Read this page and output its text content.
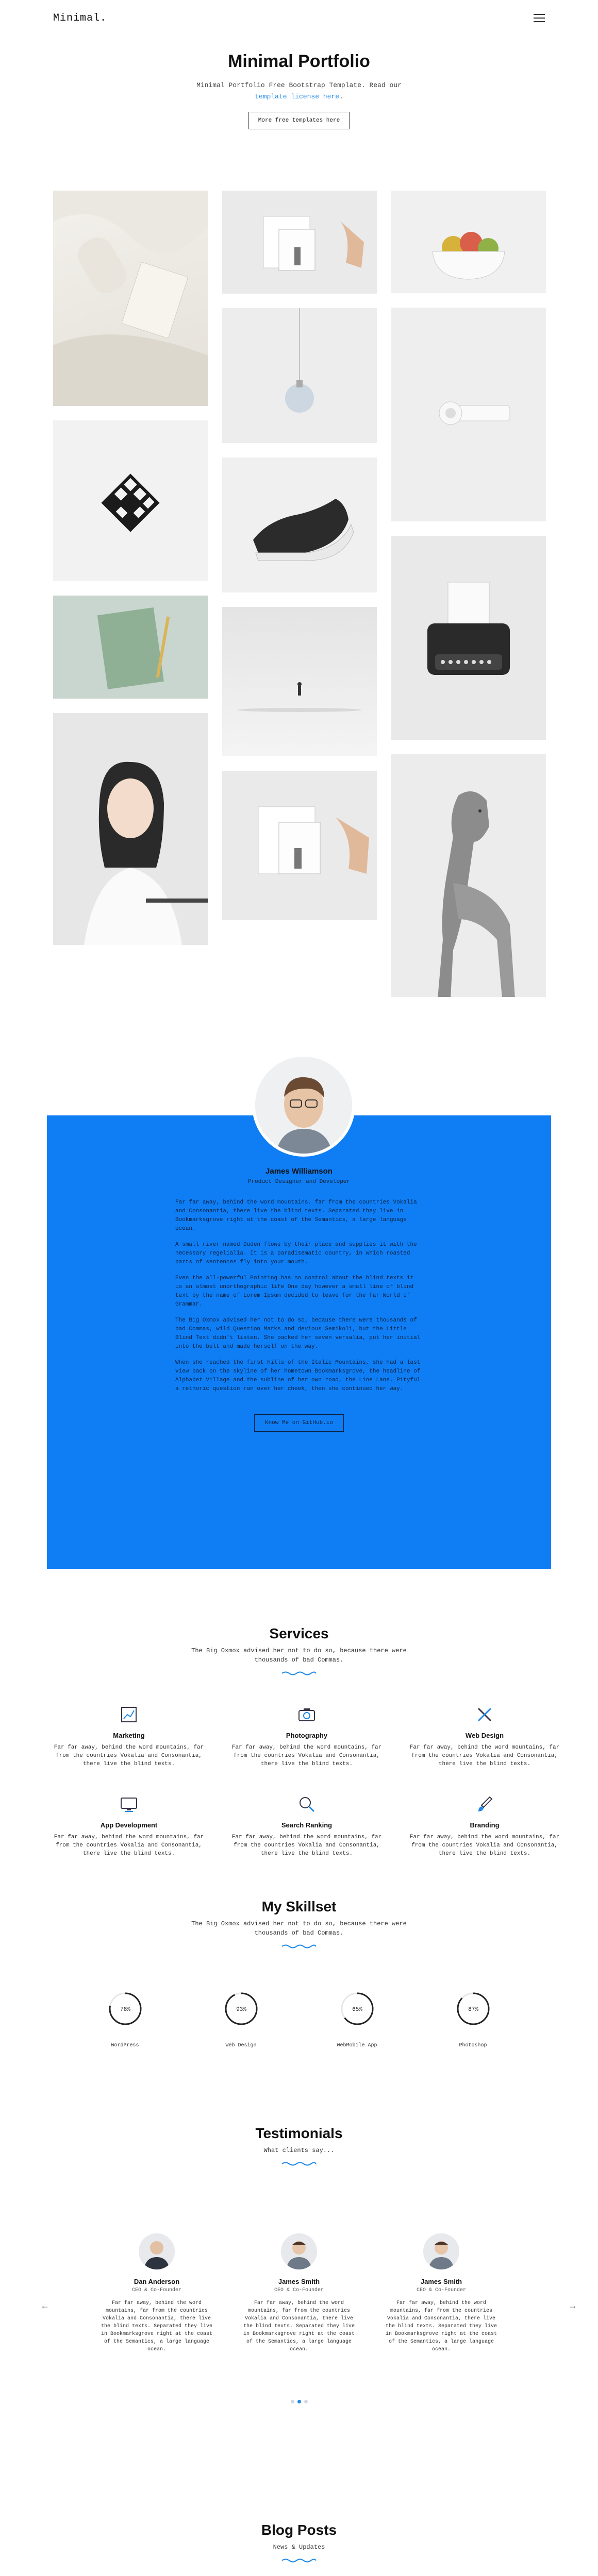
Minimal.
Minimal Portfolio

Minimal Portfolio Free Bootstrap Template. Read our
template license here.

More free templates here
James Williamson
Product Designer and Developer

Far far away, behind the word mountains, far from the countries Vokalia and Consonantia, there live the blind texts. Separated they live in Bookmarksgrove right at the coast of the Semantics, a large language ocean.

A small river named Duden flows by their place and supplies it with the necessary regelialia. It is a paradisematic country, in which roasted parts of sentences fly into your mouth.

Even the all-powerful Pointing has no control about the blind texts it is an almost unorthographic life One day however a small line of blind text by the name of Lorem Ipsum decided to leave for the far World of Grammar.

The Big Oxmox advised her not to do so, because there were thousands of bad Commas, wild Question Marks and devious Semikoli, but the Little Blind Text didn't listen. She packed her seven versalia, put her initial into the belt and made herself on the way.

When she reached the first hills of the Italic Mountains, she had a last view back on the skyline of her hometown Bookmarksgrove, the headline of Alphabet Village and the subline of her own road, the Line Lane. Pityful a rethoric question ran over her cheek, then she continued her way.

Know Me on GitHub.io
Services
The Big Oxmox advised her not to do so, because there were
thousands of bad Commas.
Marketing

Far far away, behind the word mountains, far from the countries Vokalia and Consonantia, there live the blind texts.

Photography

Far far away, behind the word mountains, far from the countries Vokalia and Consonantia, there live the blind texts.

Web Design

Far far away, behind the word mountains, far from the countries Vokalia and Consonantia, there live the blind texts.

App Development

Far far away, behind the word mountains, far from the countries Vokalia and Consonantia, there live the blind texts.

Search Ranking

Far far away, behind the word mountains, far from the countries Vokalia and Consonantia, there live the blind texts.

Branding

Far far away, behind the word mountains, far from the countries Vokalia and Consonantia, there live the blind texts.

My Skillset
The Big Oxmox advised her not to do so, because there were
thousands of bad Commas.
78%
WordPress
93%
Web Design
65%
WebMobile App
87%
Photoshop
Testimonials
What clients say...
←	→
Dan Anderson
CEO & Co-Founder

Far far away, behind the word mountains, far from the countries Vokalia and Consonantia, there live the blind texts. Separated they live in Bookmarksgrove right at the coast of the Semantics, a large language ocean.

James Smith
CEO & Co-Founder

Far far away, behind the word mountains, far from the countries Vokalia and Consonantia, there live the blind texts. Separated they live in Bookmarksgrove right at the coast of the Semantics, a large language ocean.

James Smith
CEO & Co-Founder

Far far away, behind the word mountains, far from the countries Vokalia and Consonantia, there live the blind texts. Separated they live in Bookmarksgrove right at the coast of the Semantics, a large language ocean.

Blog Posts
News & Updates
